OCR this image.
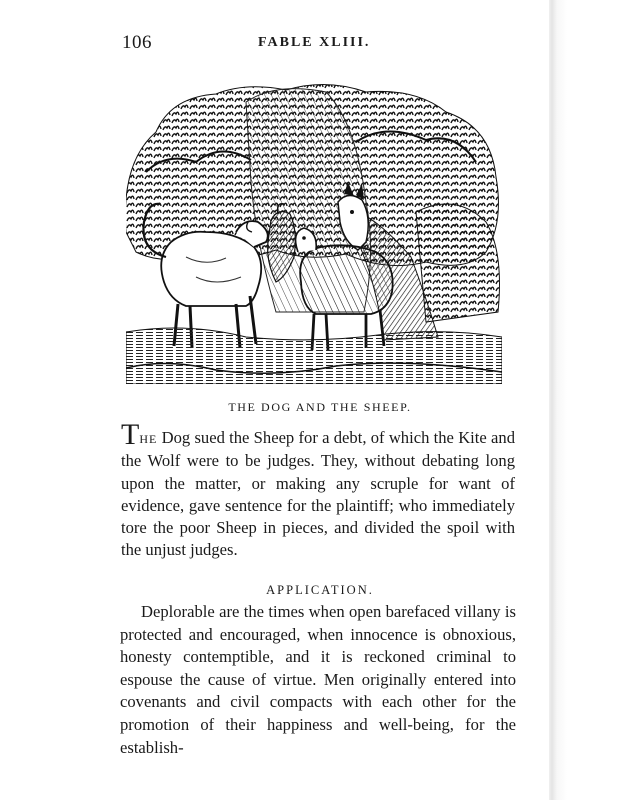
106	FABLE XLIII.
THE DOG AND THE SHEEP.

THE Dog sued the Sheep for a debt, of which the Kite and the Wolf were to be judges. They, without debating long upon the matter, or making any scruple for want of evidence, gave sentence for the plaintiff; who immediately tore the poor Sheep in pieces, and divided the spoil with the unjust judges.

APPLICATION.

Deplorable are the times when open barefaced villany is protected and encouraged, when innocence is obnoxious, honesty contemptible, and it is reckoned criminal to espouse the cause of virtue. Men originally entered into covenants and civil compacts with each other for the promotion of their happiness and well-being, for the establish-
